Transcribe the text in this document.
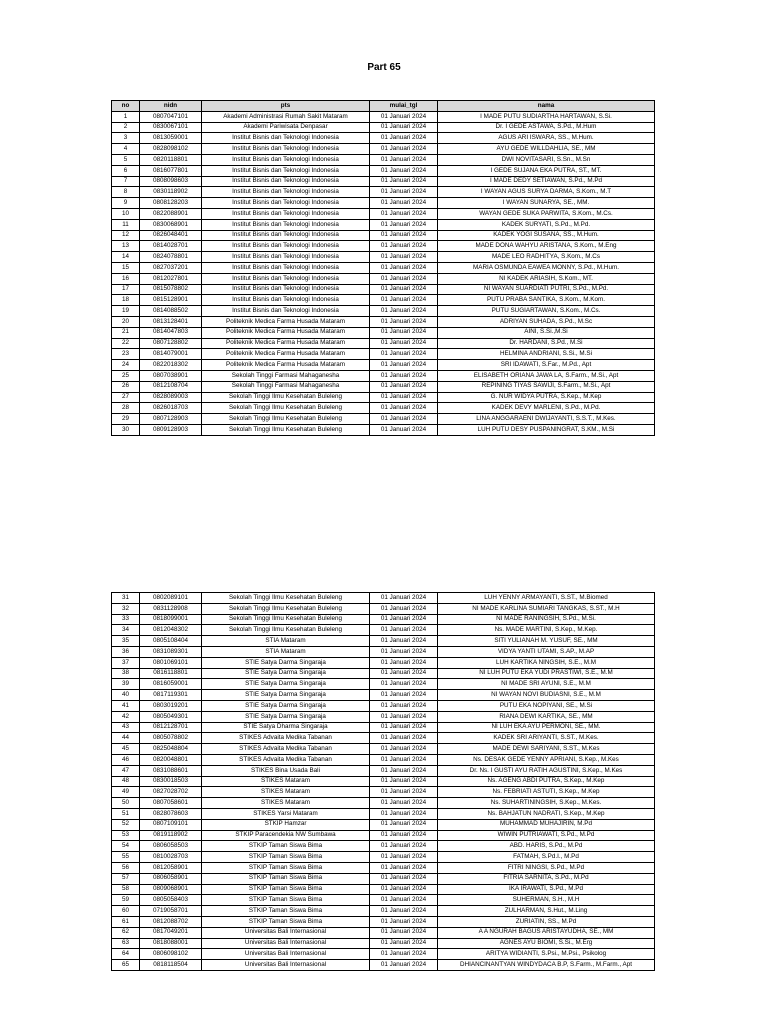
Part 65
no	nidn	pts	mulai_tgl	nama
1	0807047101	Akademi Administrasi Rumah Sakit Mataram	01 Januari 2024	I MADE PUTU SUDIARTHA HARTAWAN, S.Si.
2	0830067101	Akademi Pariwisata Denpasar	01 Januari 2024	Dr. I GEDE ASTAWA, S.Pd., M.Hum
3	0813059001	Institut Bisnis dan Teknologi Indonesia	01 Januari 2024	AGUS ARI ISWARA, SS., M.Hum.
4	0828098102	Institut Bisnis dan Teknologi Indonesia	01 Januari 2024	AYU GEDE WILLDAHLIA, SE., MM
5	0820118801	Institut Bisnis dan Teknologi Indonesia	01 Januari 2024	DWI NOVITASARI, S.Sn., M.Sn
6	0816077801	Institut Bisnis dan Teknologi Indonesia	01 Januari 2024	I GEDE SUJANA EKA PUTRA, ST., MT.
7	0808098603	Institut Bisnis dan Teknologi Indonesia	01 Januari 2024	I MADE DEDY SETIAWAN, S.Pd., M.Pd
8	0830118902	Institut Bisnis dan Teknologi Indonesia	01 Januari 2024	I WAYAN AGUS SURYA DARMA, S.Kom., M.T
9	0808128203	Institut Bisnis dan Teknologi Indonesia	01 Januari 2024	I WAYAN SUNARYA, SE., MM.
10	0822088901	Institut Bisnis dan Teknologi Indonesia	01 Januari 2024	WAYAN GEDE SUKA PARWITA, S.Kom., M.Cs.
11	0830068901	Institut Bisnis dan Teknologi Indonesia	01 Januari 2024	KADEK SURYATI, S.Pd., M.Pd.
12	0826048401	Institut Bisnis dan Teknologi Indonesia	01 Januari 2024	KADEK YOGI SUSANA, SS., M.Hum.
13	0814028701	Institut Bisnis dan Teknologi Indonesia	01 Januari 2024	MADE DONA WAHYU ARISTANA, S.Kom., M.Eng
14	0824078801	Institut Bisnis dan Teknologi Indonesia	01 Januari 2024	MADE LEO RADHITYA, S.Kom., M.Cs
15	0827037201	Institut Bisnis dan Teknologi Indonesia	01 Januari 2024	MARIA OSMUNDA EAWEA MONNY, S.Pd., M.Hum.
16	0812027801	Institut Bisnis dan Teknologi Indonesia	01 Januari 2024	NI KADEK ARIASIH, S.Kom., MT.
17	0815078802	Institut Bisnis dan Teknologi Indonesia	01 Januari 2024	NI WAYAN SUARDIATI PUTRI, S.Pd., M.Pd.
18	0815128901	Institut Bisnis dan Teknologi Indonesia	01 Januari 2024	PUTU PRABA SANTIKA, S.Kom., M.Kom.
19	0814088502	Institut Bisnis dan Teknologi Indonesia	01 Januari 2024	PUTU SUGIARTAWAN, S.Kom., M.Cs.
20	0813128401	Politeknik Medica Farma Husada Mataram	01 Januari 2024	ADRIYAN SUHADA, S.Pd., M.Sc
21	0814047803	Politeknik Medica Farma Husada Mataram	01 Januari 2024	AINI, S.Si.,M.Si
22	0807128802	Politeknik Medica Farma Husada Mataram	01 Januari 2024	Dr. HARDANI, S.Pd., M.Si
23	0814079001	Politeknik Medica Farma Husada Mataram	01 Januari 2024	HELMINA ANDRIANI, S.Si., M.Si
24	0822018302	Politeknik Medica Farma Husada Mataram	01 Januari 2024	SRI IDAWATI, S.Far., M.Pd., Apt
25	0807038901	Sekolah Tinggi Farmasi Mahaganesha	01 Januari 2024	ELISABETH ORIANA JAWA LA, S.Farm., M.Si., Apt
26	0812108704	Sekolah Tinggi Farmasi Mahaganesha	01 Januari 2024	REPINING TIYAS SAWIJI, S.Farm., M.Si., Apt
27	0828089003	Sekolah Tinggi Ilmu Kesehatan Buleleng	01 Januari 2024	G. NUR WIDYA PUTRA, S.Kep., M.Kep
28	0826018703	Sekolah Tinggi Ilmu Kesehatan Buleleng	01 Januari 2024	KADEK DEVY MARLENI, S.Pd., M.Pd.
29	0807128903	Sekolah Tinggi Ilmu Kesehatan Buleleng	01 Januari 2024	LINA ANGGARAENI DWIJAYANTI, S.S.T., M.Kes.
30	0809128903	Sekolah Tinggi Ilmu Kesehatan Buleleng	01 Januari 2024	LUH PUTU DESY PUSPANINGRAT, S.KM., M.Si
31	0802089101	Sekolah Tinggi Ilmu Kesehatan Buleleng	01 Januari 2024	LUH YENNY ARMAYANTI, S.ST., M.Biomed
32	0831128908	Sekolah Tinggi Ilmu Kesehatan Buleleng	01 Januari 2024	NI MADE KARLINA SUMIARI TANGKAS, S.ST., M.H
33	0818099001	Sekolah Tinggi Ilmu Kesehatan Buleleng	01 Januari 2024	NI MADE RANINGSIH, S.Pd., M.Si.
34	0812048302	Sekolah Tinggi Ilmu Kesehatan Buleleng	01 Januari 2024	Ns. MADE MARTINI, S.Kep., M.Kep.
35	0805108404	STIA Mataram	01 Januari 2024	SITI YULIANAH M. YUSUF, SE., MM
36	0831089301	STIA Mataram	01 Januari 2024	VIDYA YANTI UTAMI, S.AP., M.AP
37	0801069101	STIE Satya Darma Singaraja	01 Januari 2024	LUH KARTIKA NINGSIH, S.E., M.M
38	0816118801	STIE Satya Darma Singaraja	01 Januari 2024	NI LUH PUTU EKA YUDI PRASTIWI, S.E., M.M
39	0816059001	STIE Satya Darma Singaraja	01 Januari 2024	NI MADE SRI AYUNI, S.E., M.M
40	0817119301	STIE Satya Darma Singaraja	01 Januari 2024	NI WAYAN NOVI BUDIASNI, S.E., M.M
41	0803019201	STIE Satya Darma Singaraja	01 Januari 2024	PUTU EKA NOPIYANI, SE., M.Si
42	0805049301	STIE Satya Darma Singaraja	01 Januari 2024	RIANA DEWI KARTIKA, SE., MM
43	0812128701	STIE Satya Dharma Singaraja	01 Januari 2024	NI LUH EKA AYU PERMONI, SE., MM.
44	0805078802	STIKES Advaita Medika Tabanan	01 Januari 2024	KADEK SRI ARIYANTI, S.ST., M.Kes.
45	0825048804	STIKES Advaita Medika Tabanan	01 Januari 2024	MADE DEWI SARIYANI, S.ST., M.Kes
46	0820048801	STIKES Advaita Medika Tabanan	01 Januari 2024	Ns. DESAK GEDE YENNY APRIANI, S.Kep., M.Kes
47	0831088601	STIKES Bina Usada Bali	01 Januari 2024	Dr. Ns. I GUSTI AYU RATIH AGUSTINI, S.Kep., M.Kes
48	0830018503	STIKES Mataram	01 Januari 2024	Ns. AGENG ABDI PUTRA, S.Kep., M.Kep
49	0827028702	STIKES Mataram	01 Januari 2024	Ns. FEBRIATI ASTUTI, S.Kep., M.Kep
50	0807058601	STIKES Mataram	01 Januari 2024	Ns. SUHARTININGSIH, S.Kep., M.Kes.
51	0828078603	STIKES Yarsi Mataram	01 Januari 2024	Ns. BAHJATUN NADRATI, S.Kep., M.Kep
52	0807109101	STKIP Hamzar	01 Januari 2024	MUHAMMAD MUHAJIRIN, M.Pd
53	0819118902	STKIP Paracendekia NW Sumbawa	01 Januari 2024	WIWIN PUTRIAWATI, S.Pd., M.Pd
54	0806058503	STKIP Taman Siswa Bima	01 Januari 2024	ABD. HARIS, S.Pd., M.Pd
55	0810028703	STKIP Taman Siswa Bima	01 Januari 2024	FATMAH, S.Pd.I., M.Pd
56	0812058901	STKIP Taman Siswa Bima	01 Januari 2024	FITRI NINGSI, S.Pd., M.Pd
57	0806058901	STKIP Taman Siswa Bima	01 Januari 2024	FITRIA SARNITA, S.Pd., M.Pd
58	0809068901	STKIP Taman Siswa Bima	01 Januari 2024	IKA IRAWATI, S.Pd., M.Pd
59	0805058403	STKIP Taman Siswa Bima	01 Januari 2024	SUHERMAN, S.H., M.H
60	0719058701	STKIP Taman Siswa Bima	01 Januari 2024	ZULHARMAN, S.Hut., M.Ling
61	0812088702	STKIP Taman Siswa Bima	01 Januari 2024	ZURIATIN, SS., M.Pd
62	0817049201	Universitas Bali Internasional	01 Januari 2024	A A NGURAH BAGUS ARISTAYUDHA, SE., MM
63	0818088001	Universitas Bali Internasional	01 Januari 2024	AGNES AYU BIOMI, S.Si., M.Erg
64	0806098102	Universitas Bali Internasional	01 Januari 2024	ARITYA WIDIANTI, S.Psi., M.Psi., Psikolog
65	0818118504	Universitas Bali Internasional	01 Januari 2024	DHIANCINANTYAN WINDYDACA B.P, S.Farm., M.Farm., Apt
